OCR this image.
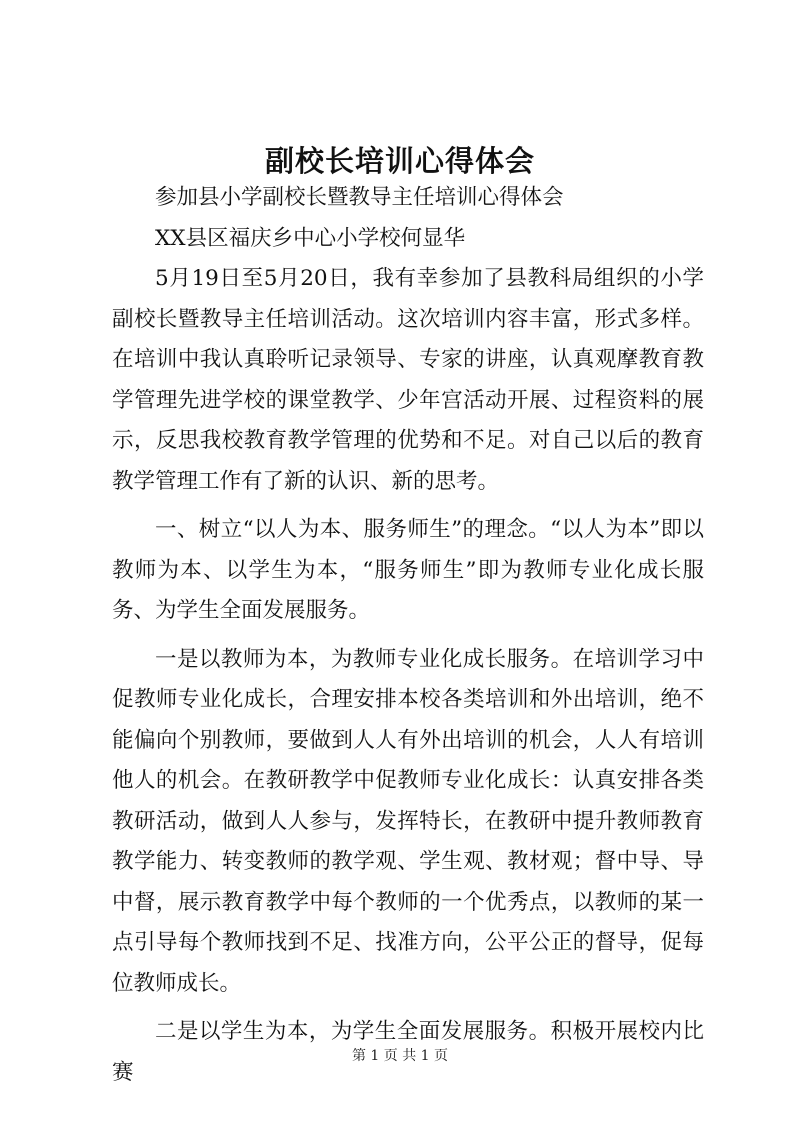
副校长培训心得体会

参加县小学副校长暨教导主任培训心得体会

XX县区福庆乡中心小学校何显华

5月19日至5月20日，我有幸参加了县教科局组织的小学副校长暨教导主任培训活动。这次培训内容丰富，形式多样。在培训中我认真聆听记录领导、专家的讲座，认真观摩教育教学管理先进学校的课堂教学、少年宫活动开展、过程资料的展示，反思我校教育教学管理的优势和不足。对自己以后的教育教学管理工作有了新的认识、新的思考。

一、树立“以人为本、服务师生”的理念。“以人为本”即以教师为本、以学生为本，“服务师生”即为教师专业化成长服务、为学生全面发展服务。

一是以教师为本，为教师专业化成长服务。在培训学习中促教师专业化成长，合理安排本校各类培训和外出培训，绝不能偏向个别教师，要做到人人有外出培训的机会，人人有培训他人的机会。在教研教学中促教师专业化成长：认真安排各类教研活动，做到人人参与，发挥特长，在教研中提升教师教育教学能力、转变教师的教学观、学生观、教材观；督中导、导中督，展示教育教学中每个教师的一个优秀点，以教师的某一点引导每个教师找到不足、找准方向，公平公正的督导，促每位教师成长。

二是以学生为本，为学生全面发展服务。积极开展校内比赛

第 1 页 共 1 页
